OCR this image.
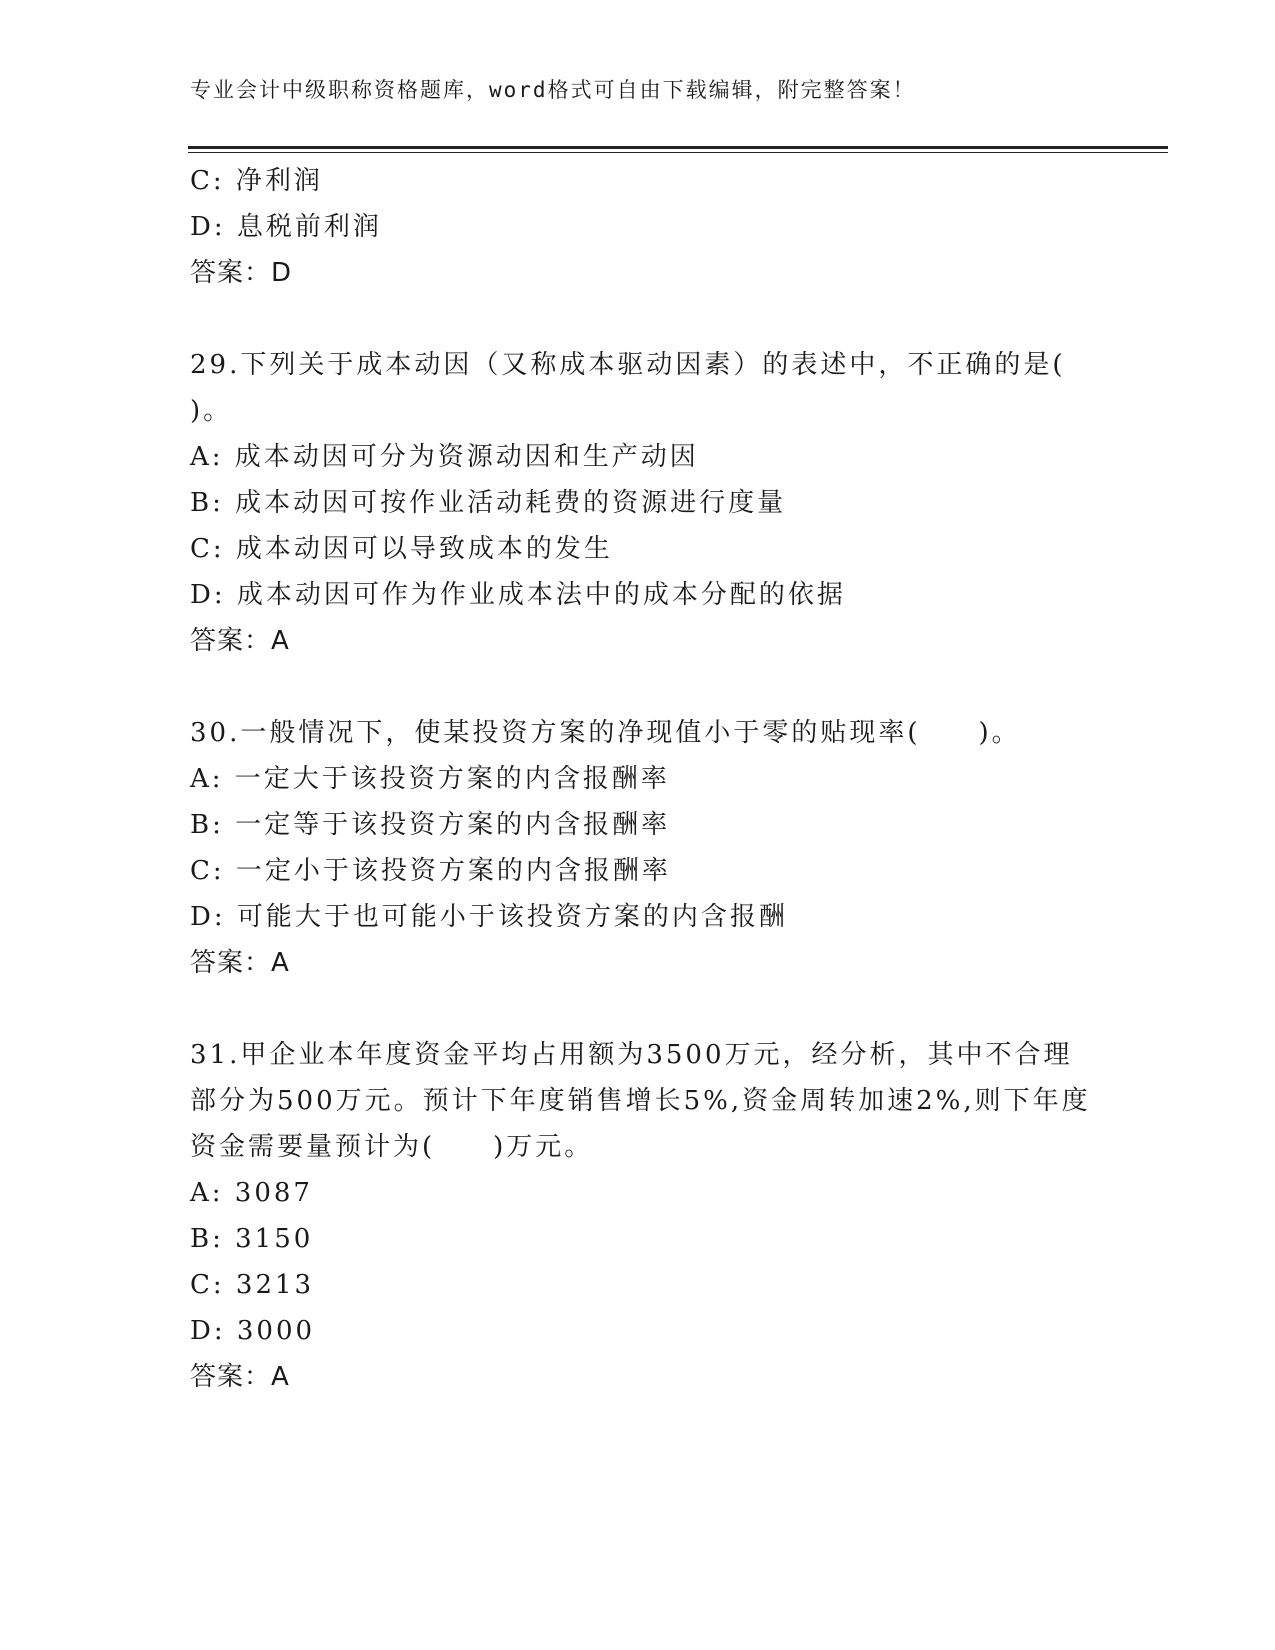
专业会计中级职称资格题库，word格式可自由下载编辑，附完整答案！
C: 净利润
D: 息税前利润
答案：D
29.下列关于成本动因（又称成本驱动因素）的表述中，不正确的是(
)。
A: 成本动因可分为资源动因和生产动因
B: 成本动因可按作业活动耗费的资源进行度量
C: 成本动因可以导致成本的发生
D: 成本动因可作为作业成本法中的成本分配的依据
答案：A
30.一般情况下，使某投资方案的净现值小于零的贴现率(　　)。
A: 一定大于该投资方案的内含报酬率
B: 一定等于该投资方案的内含报酬率
C: 一定小于该投资方案的内含报酬率
D: 可能大于也可能小于该投资方案的内含报酬
答案：A
31.甲企业本年度资金平均占用额为3500万元，经分析，其中不合理
部分为500万元。预计下年度销售增长5%,资金周转加速2%,则下年度
资金需要量预计为(　　)万元。
A: 3087
B: 3150
C: 3213
D: 3000
答案：A
